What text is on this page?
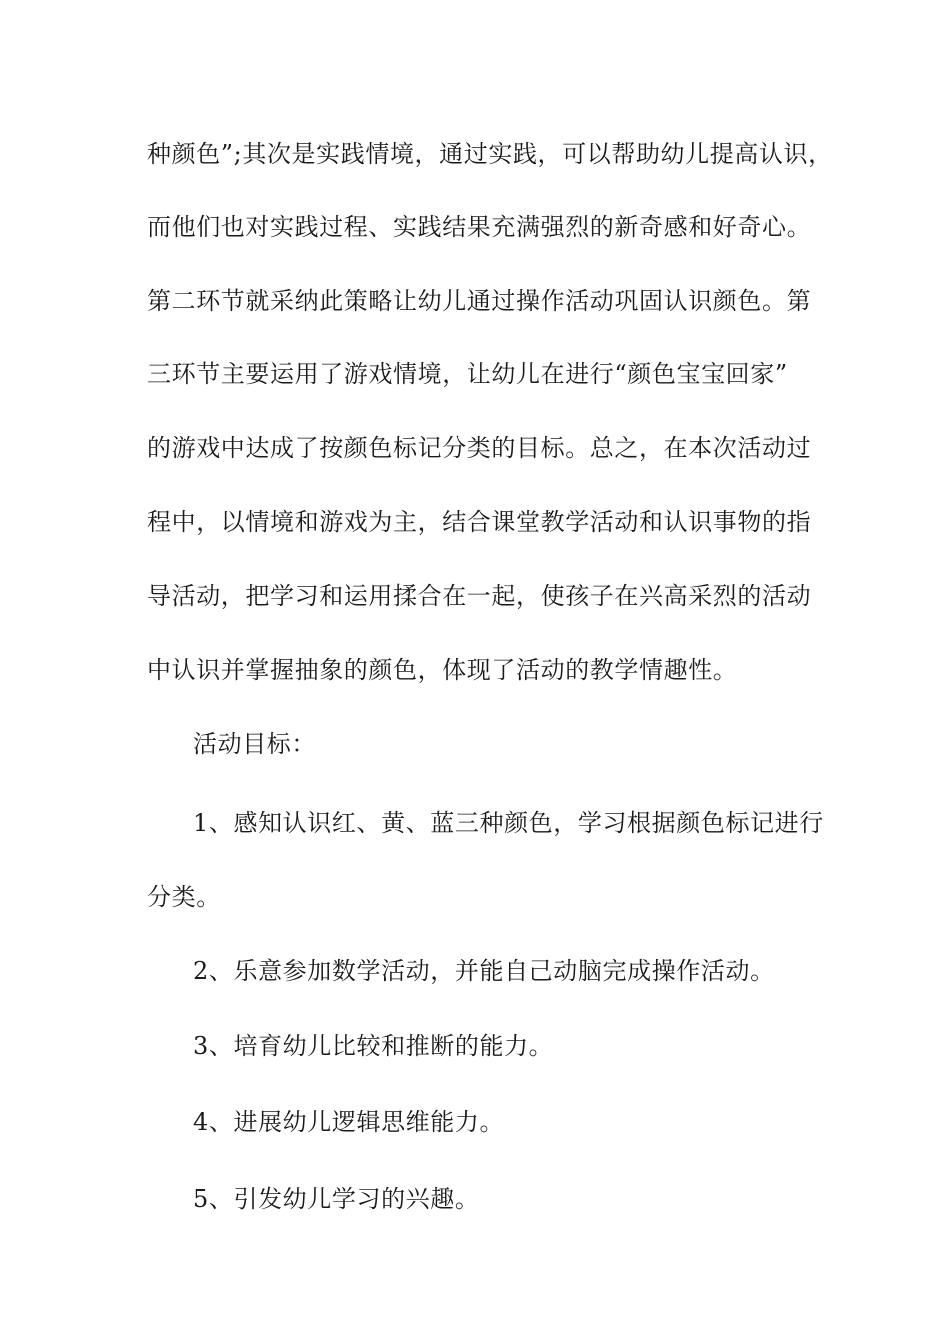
种颜色”;其次是实践情境，通过实践，可以帮助幼儿提高认识，
而他们也对实践过程、实践结果充满强烈的新奇感和好奇心。
第二环节就采纳此策略让幼儿通过操作活动巩固认识颜色。第
三环节主要运用了游戏情境，让幼儿在进行“颜色宝宝回家”
的游戏中达成了按颜色标记分类的目标。总之，在本次活动过
程中，以情境和游戏为主，结合课堂教学活动和认识事物的指
导活动，把学习和运用揉合在一起，使孩子在兴高采烈的活动
中认识并掌握抽象的颜色，体现了活动的教学情趣性。
活动目标：
1、感知认识红、黄、蓝三种颜色，学习根据颜色标记进行
分类。
2、乐意参加数学活动，并能自己动脑完成操作活动。
3、培育幼儿比较和推断的能力。
4、进展幼儿逻辑思维能力。
5、引发幼儿学习的兴趣。
